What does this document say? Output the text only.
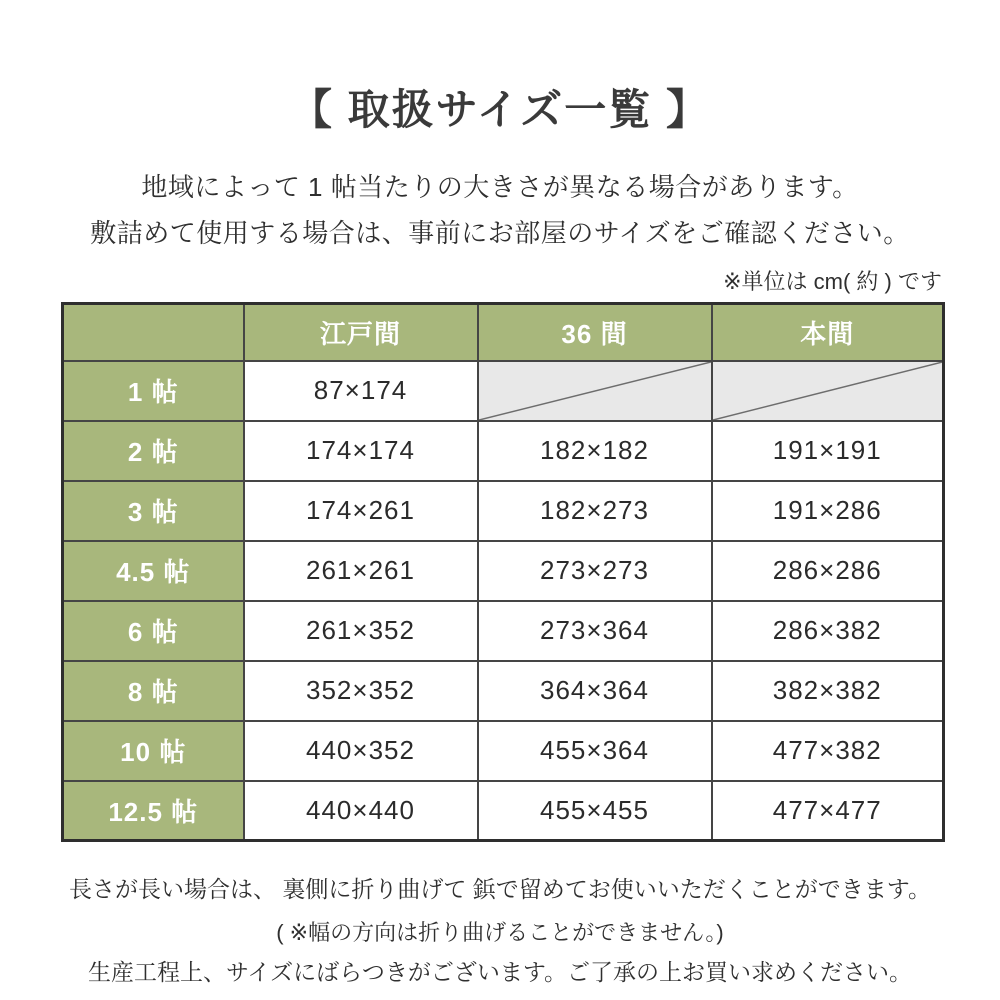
【 取扱サイズ一覧 】
地域によって 1 帖当たりの大きさが異なる場合があります。
敷詰めて使用する場合は、事前にお部屋のサイズをご確認ください。
※単位は cm( 約 ) です
	江戸間	36 間	本間
1 帖	87×174	

2 帖	174×174	182×182	191×191
3 帖	174×261	182×273	191×286
4.5 帖	261×261	273×273	286×286
6 帖	261×352	273×364	286×382
8 帖	352×352	364×364	382×382
10 帖	440×352	455×364	477×382
12.5 帖	440×440	455×455	477×477
長さが長い場合は、 裏側に折り曲げて 鋲で留めてお使いいただくことができます。
( ※幅の方向は折り曲げることができません。)
生産工程上、サイズにばらつきがございます。ご了承の上お買い求めください。
